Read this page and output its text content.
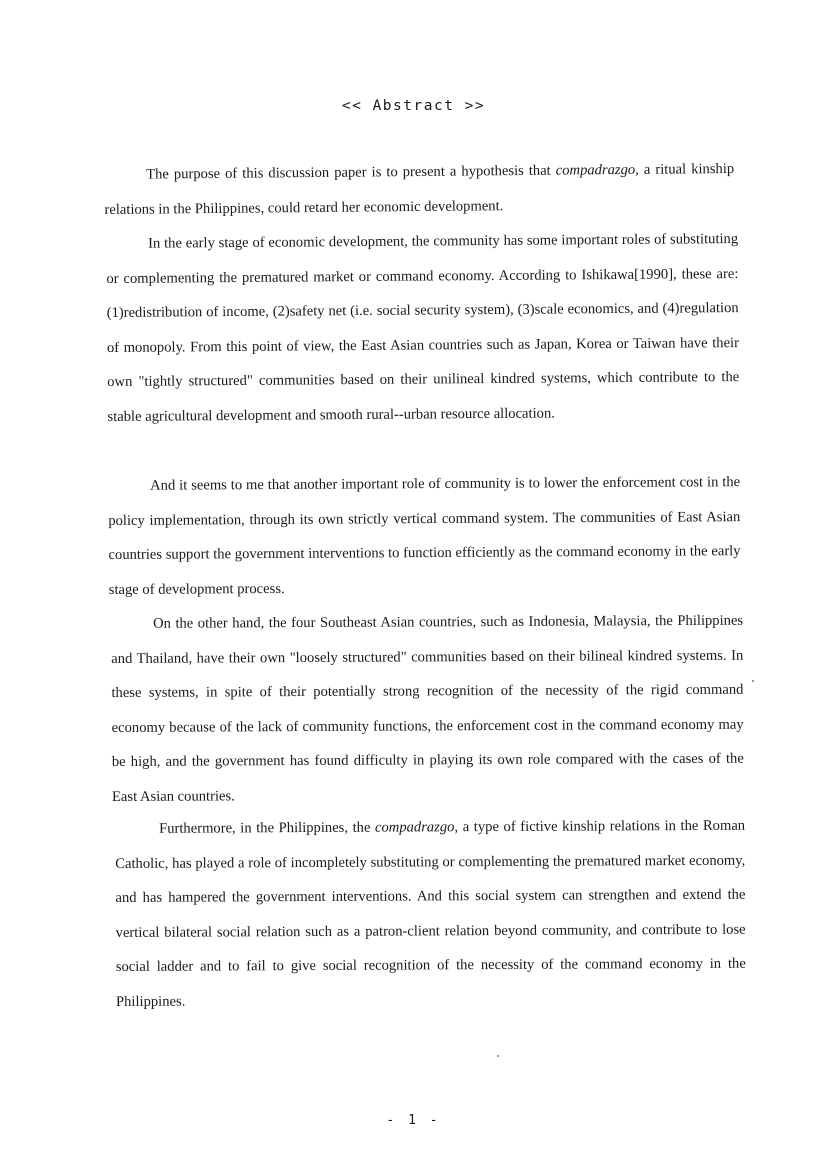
<< Abstract >>

The purpose of this discussion paper is to present a hypothesis that compadrazgo, a ritual kinship relations in the Philippines, could retard her economic development.

In the early stage of economic development, the community has some important roles of substituting or complementing the prematured market or command economy. According to Ishikawa[1990], these are: (1)redistribution of income, (2)safety net (i.e. social security system), (3)scale economics, and (4)regulation of monopoly. From this point of view, the East Asian countries such as Japan, Korea or Taiwan have their own "tightly structured" communities based on their unilineal kindred systems, which contribute to the stable agricultural development and smooth rural--urban resource allocation.

And it seems to me that another important role of community is to lower the enforcement cost in the policy implementation, through its own strictly vertical command system. The communities of East Asian countries support the government interventions to function efficiently as the command economy in the early stage of development process.

On the other hand, the four Southeast Asian countries, such as Indonesia, Malaysia, the Philippines and Thailand, have their own "loosely structured" communities based on their bilineal kindred systems. In these systems, in spite of their potentially strong recognition of the necessity of the rigid command economy because of the lack of community functions, the enforcement cost in the command economy may be high, and the government has found difficulty in playing its own role compared with the cases of the East Asian countries.

Furthermore, in the Philippines, the compadrazgo, a type of fictive kinship relations in the Roman Catholic, has played a role of incompletely substituting or complementing the prematured market economy, and has hampered the government interventions. And this social system can strengthen and extend the vertical bilateral social relation such as a patron-client relation beyond community, and contribute to lose social ladder and to fail to give social recognition of the necessity of the command economy in the Philippines.

- 1 -
